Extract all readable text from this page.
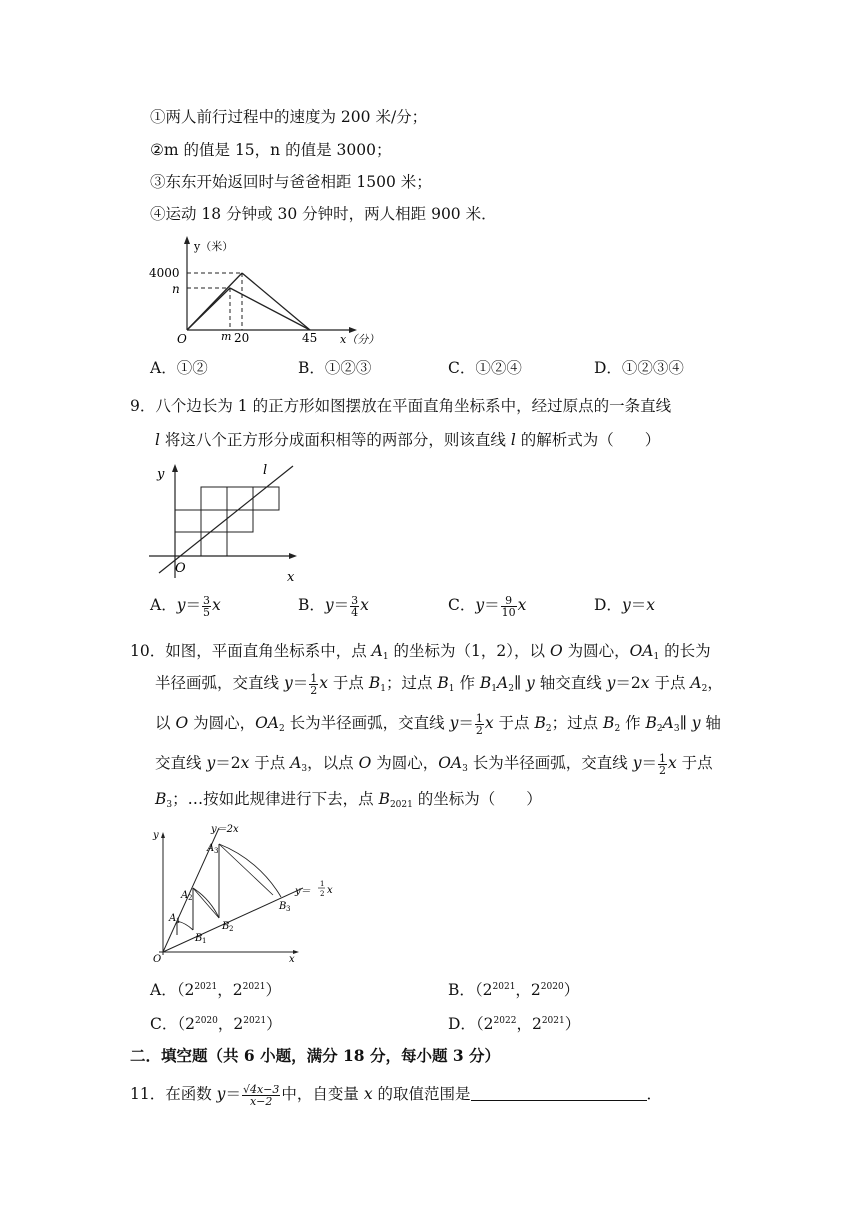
①两人前行过程中的速度为 200 米/分；
②m 的值是 15，n 的值是 3000；
③东东开始返回时与爸爸相距 1500 米；
④运动 18 分钟或 30 分钟时，两人相距 900 米．
y（米）
4000
n
O	m 20	45 x（分）
A．①②	B．①②③	C．①②④	D．①②③④
9．八个边长为 1 的正方形如图摆放在平面直角坐标系中，经过原点的一条直线
l 将这八个正方形分成面积相等的两部分，则该直线 l 的解析式为（　　）
y
O
x
l
A．$y= \frac{3}{5}$ x	B．$y= \frac{3}{4}$ x	C．$y= \frac{9}{10}$ x	D．y＝x
10．如图，平面直角坐标系中，点 $A_1$ 的坐标为（1，2），以 O 为圆心，$OA_1$ 的长为
半径画弧，交直线 $y= \frac{1}{2}$ x 于点 $B_1$；过点 $B_1$ 作 $B_1A_2\parallel$ y 轴交直线 y＝2x 于点 $A_2$，
以 O 为圆心，$OA_2$ 长为半径画弧，交直线 $y= \frac{1}{2}$ x 于点 $B_2$；过点 $B_2$ 作 $B_2A_3\parallel$ y 轴
交直线 y＝2x 于点 $A_3$，以点 O 为圆心，$OA_3$ 长为半径画弧，交直线 $y= \frac{1}{2}$ x 于点
$B_3$；…按如此规律进行下去，点 $B_{2021}$ 的坐标为（　　）
y
O	x
y＝2x
y＝
1
2 x
A 1
A 2
A 3
B 1
B 2
B 3
A．（$2^{2021}$，$2^{2021}$）	B．（$2^{2021}$，$2^{2020}$）
C．（$2^{2020}$，$2^{2021}$）	D．（$2^{2022}$，$2^{2021}$）
二．填空题（共 6 小题，满分 18 分，每小题 3 分）
11．在函数 $y= \frac{√4x-3}{x-2}$ 中，自变量 x 的取值范围是	．
